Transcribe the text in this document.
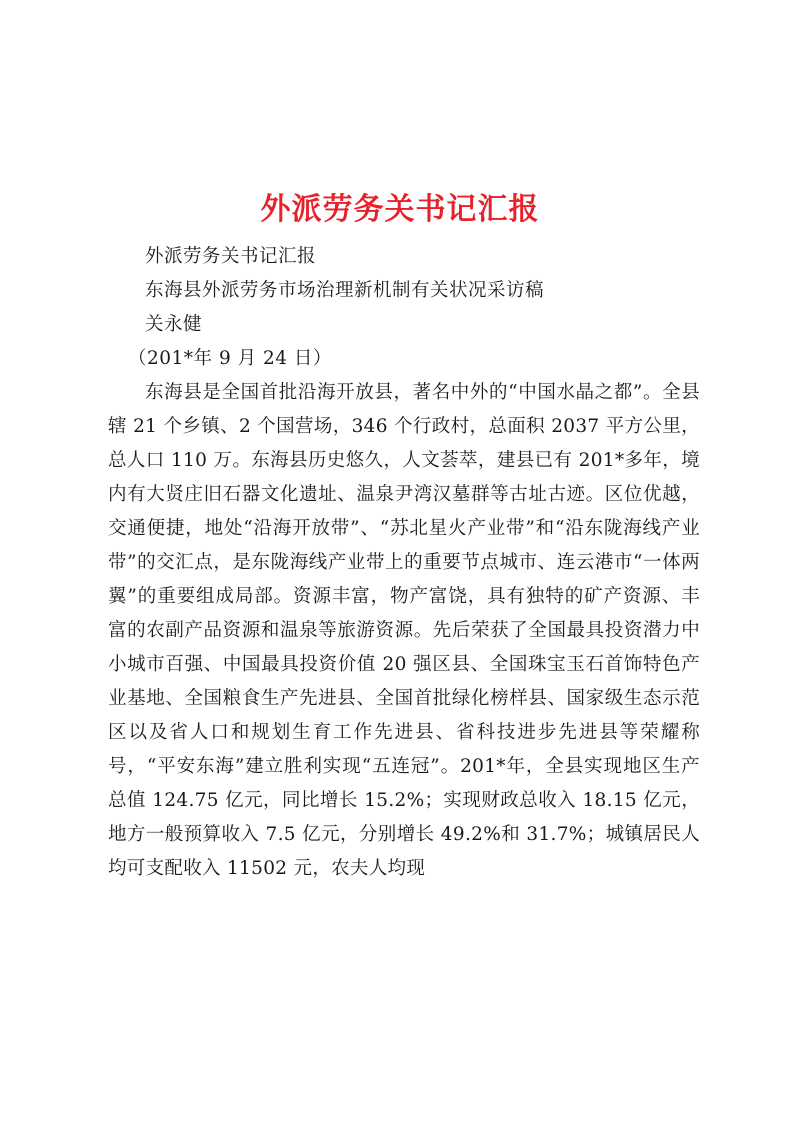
外派劳务关书记汇报

外派劳务关书记汇报

东海县外派劳务市场治理新机制有关状况采访稿

关永健

（201*年 9 月 24 日）

东海县是全国首批沿海开放县，著名中外的“中国水晶之都”。全县辖 21 个乡镇、2 个国营场，346 个行政村，总面积 2037 平方公里，总人口 110 万。东海县历史悠久，人文荟萃，建县已有 201*多年，境内有大贤庄旧石器文化遗址、温泉尹湾汉墓群等古址古迹。区位优越，交通便捷，地处“沿海开放带”、“苏北星火产业带”和“沿东陇海线产业带”的交汇点，是东陇海线产业带上的重要节点城市、连云港市“一体两翼”的重要组成局部。资源丰富，物产富饶，具有独特的矿产资源、丰富的农副产品资源和温泉等旅游资源。先后荣获了全国最具投资潜力中小城市百强、中国最具投资价值 20 强区县、全国珠宝玉石首饰特色产业基地、全国粮食生产先进县、全国首批绿化榜样县、国家级生态示范区以及省人口和规划生育工作先进县、省科技进步先进县等荣耀称号，“平安东海”建立胜利实现“五连冠”。201*年，全县实现地区生产总值 124.75 亿元，同比增长 15.2%；实现财政总收入 18.15 亿元，地方一般预算收入 7.5 亿元，分别增长 49.2%和 31.7%；城镇居民人均可支配收入 11502 元，农夫人均现
